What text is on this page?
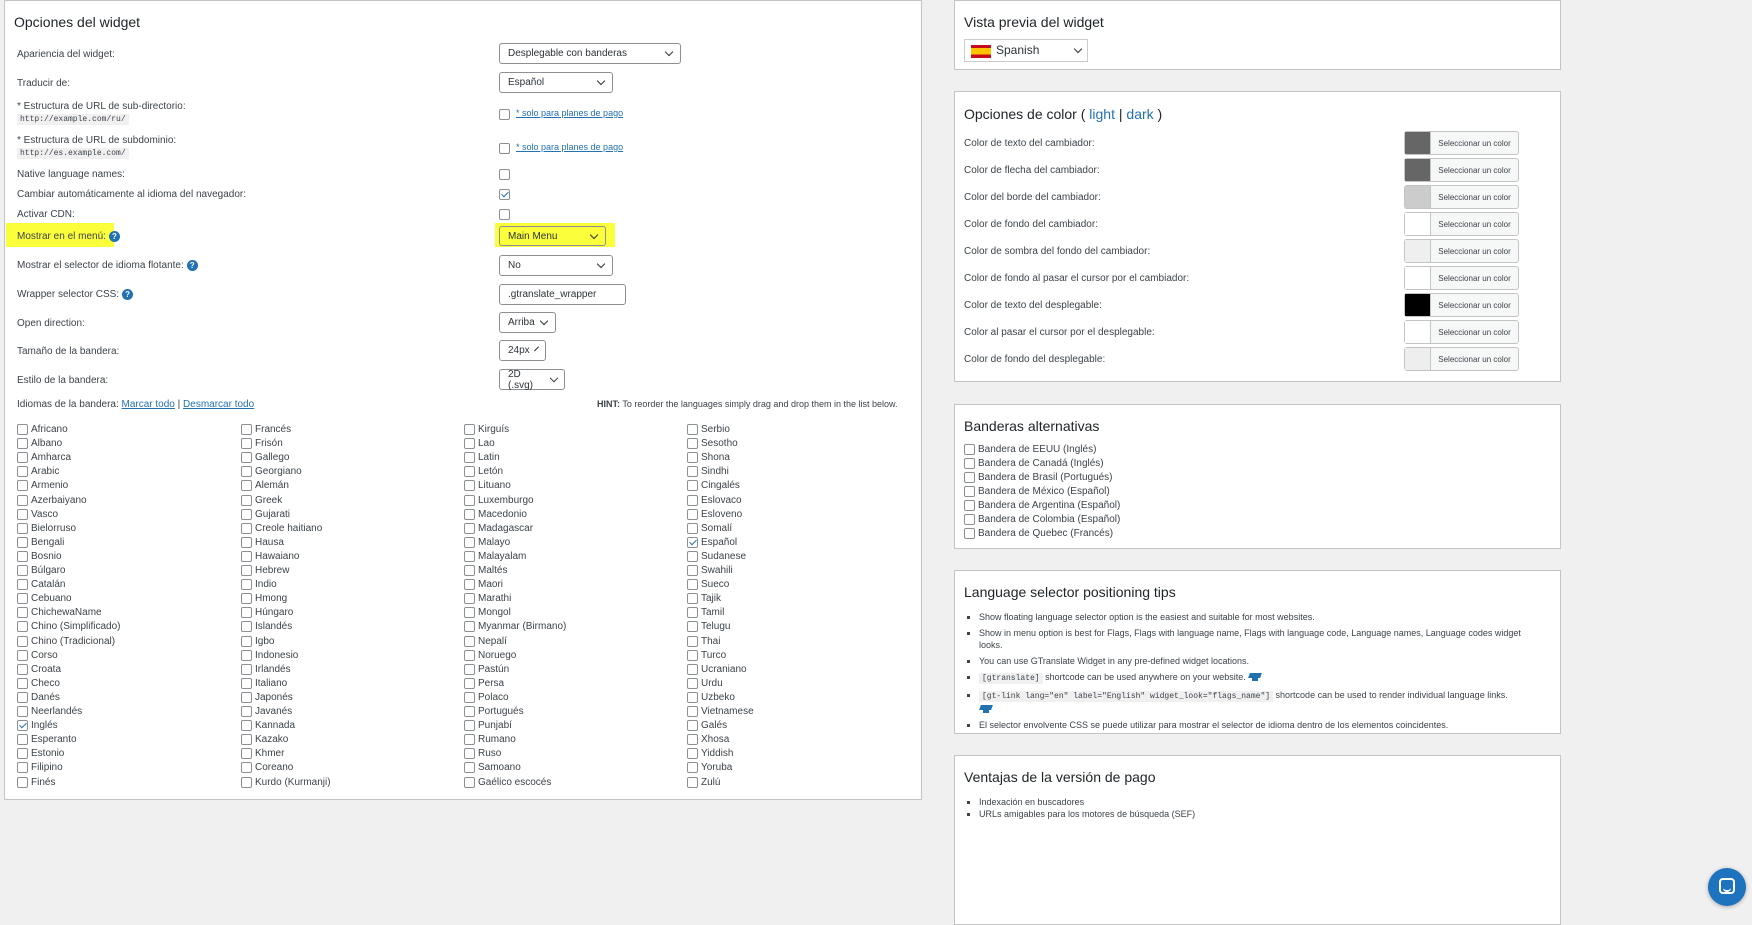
Opciones del widget
Apariencia del widget:	Desplegable con banderas
Traducir de:	Español
* Estructura de URL de sub-directorio:
http://example.com/ru/
* solo para planes de pago
* Estructura de URL de subdominio:
http://es.example.com/
* solo para planes de pago
Native language names:
Cambiar automáticamente al idioma del navegador:
Activar CDN:
Mostrar en el menú: ?	Main Menu
Mostrar el selector de idioma flotante: ?	No
Wrapper selector CSS: ?	.gtranslate_wrapper
Open direction:	Arriba
Tamaño de la bandera:	24px
Estilo de la bandera:
2D (.svg)
Idiomas de la bandera: Marcar todo | Desmarcar todo	HINT: To reorder the languages simply drag and drop them in the list below.
Africano
Albano
Amharca
Arabic
Armenio
Azerbaiyano
Vasco
Bielorruso
Bengali
Bosnio
Búlgaro
Catalán
Cebuano
ChichewaName
Chino (Simplificado)
Chino (Tradicional)
Corso
Croata
Checo
Danés
Neerlandés
Inglés
Esperanto
Estonio
Filipino
Finés
Francés
Frisón
Gallego
Georgiano
Alemán
Greek
Gujarati
Creole haitiano
Hausa
Hawaiano
Hebrew
Indio
Hmong
Húngaro
Islandés
Igbo
Indonesio
Irlandés
Italiano
Japonés
Javanés
Kannada
Kazako
Khmer
Coreano
Kurdo (Kurmanji)
Kirguís
Lao
Latin
Letón
Lituano
Luxemburgo
Macedonio
Madagascar
Malayo
Malayalam
Maltés
Maori
Marathi
Mongol
Myanmar (Birmano)
Nepalí
Noruego
Pastún
Persa
Polaco
Portugués
Punjabí
Rumano
Ruso
Samoano
Gaélico escocés
Serbio
Sesotho
Shona
Sindhi
Cingalés
Eslovaco
Esloveno
Somalí
Español
Sudanese
Swahili
Sueco
Tajik
Tamil
Telugu
Thai
Turco
Ucraniano
Urdu
Uzbeko
Vietnamese
Galés
Xhosa
Yiddish
Yoruba
Zulú
Vista previa del widget
Spanish
Opciones de color ( light | dark )
Color de texto del cambiador:	Seleccionar un color
Color de flecha del cambiador:	Seleccionar un color
Color del borde del cambiador:	Seleccionar un color
Color de fondo del cambiador:	Seleccionar un color
Color de sombra del fondo del cambiador:	Seleccionar un color
Color de fondo al pasar el cursor por el cambiador:	Seleccionar un color
Color de texto del desplegable:	Seleccionar un color
Color al pasar el cursor por el desplegable:	Seleccionar un color
Color de fondo del desplegable:	Seleccionar un color
Banderas alternativas
Bandera de EEUU (Inglés)
Bandera de Canadá (Inglés)
Bandera de Brasil (Portugués)
Bandera de México (Español)
Bandera de Argentina (Español)
Bandera de Colombia (Español)
Bandera de Quebec (Francés)
Language selector positioning tips
▪ Show floating language selector option is the easiest and suitable for most websites.
▪ Show in menu option is best for Flags, Flags with language name, Flags with language code, Language names, Language codes widget looks.
▪ You can use GTranslate Widget in any pre-defined widget locations.
▪ [gtranslate] shortcode can be used anywhere on your website.
▪ [gt-link lang="en" label="English" widget_look="flags_name"] shortcode can be used to render individual language links.

▪ El selector envolvente CSS se puede utilizar para mostrar el selector de idioma dentro de los elementos coincidentes.
Ventajas de la versión de pago
▪ Indexación en buscadores
▪ URLs amigables para los motores de búsqueda (SEF)
